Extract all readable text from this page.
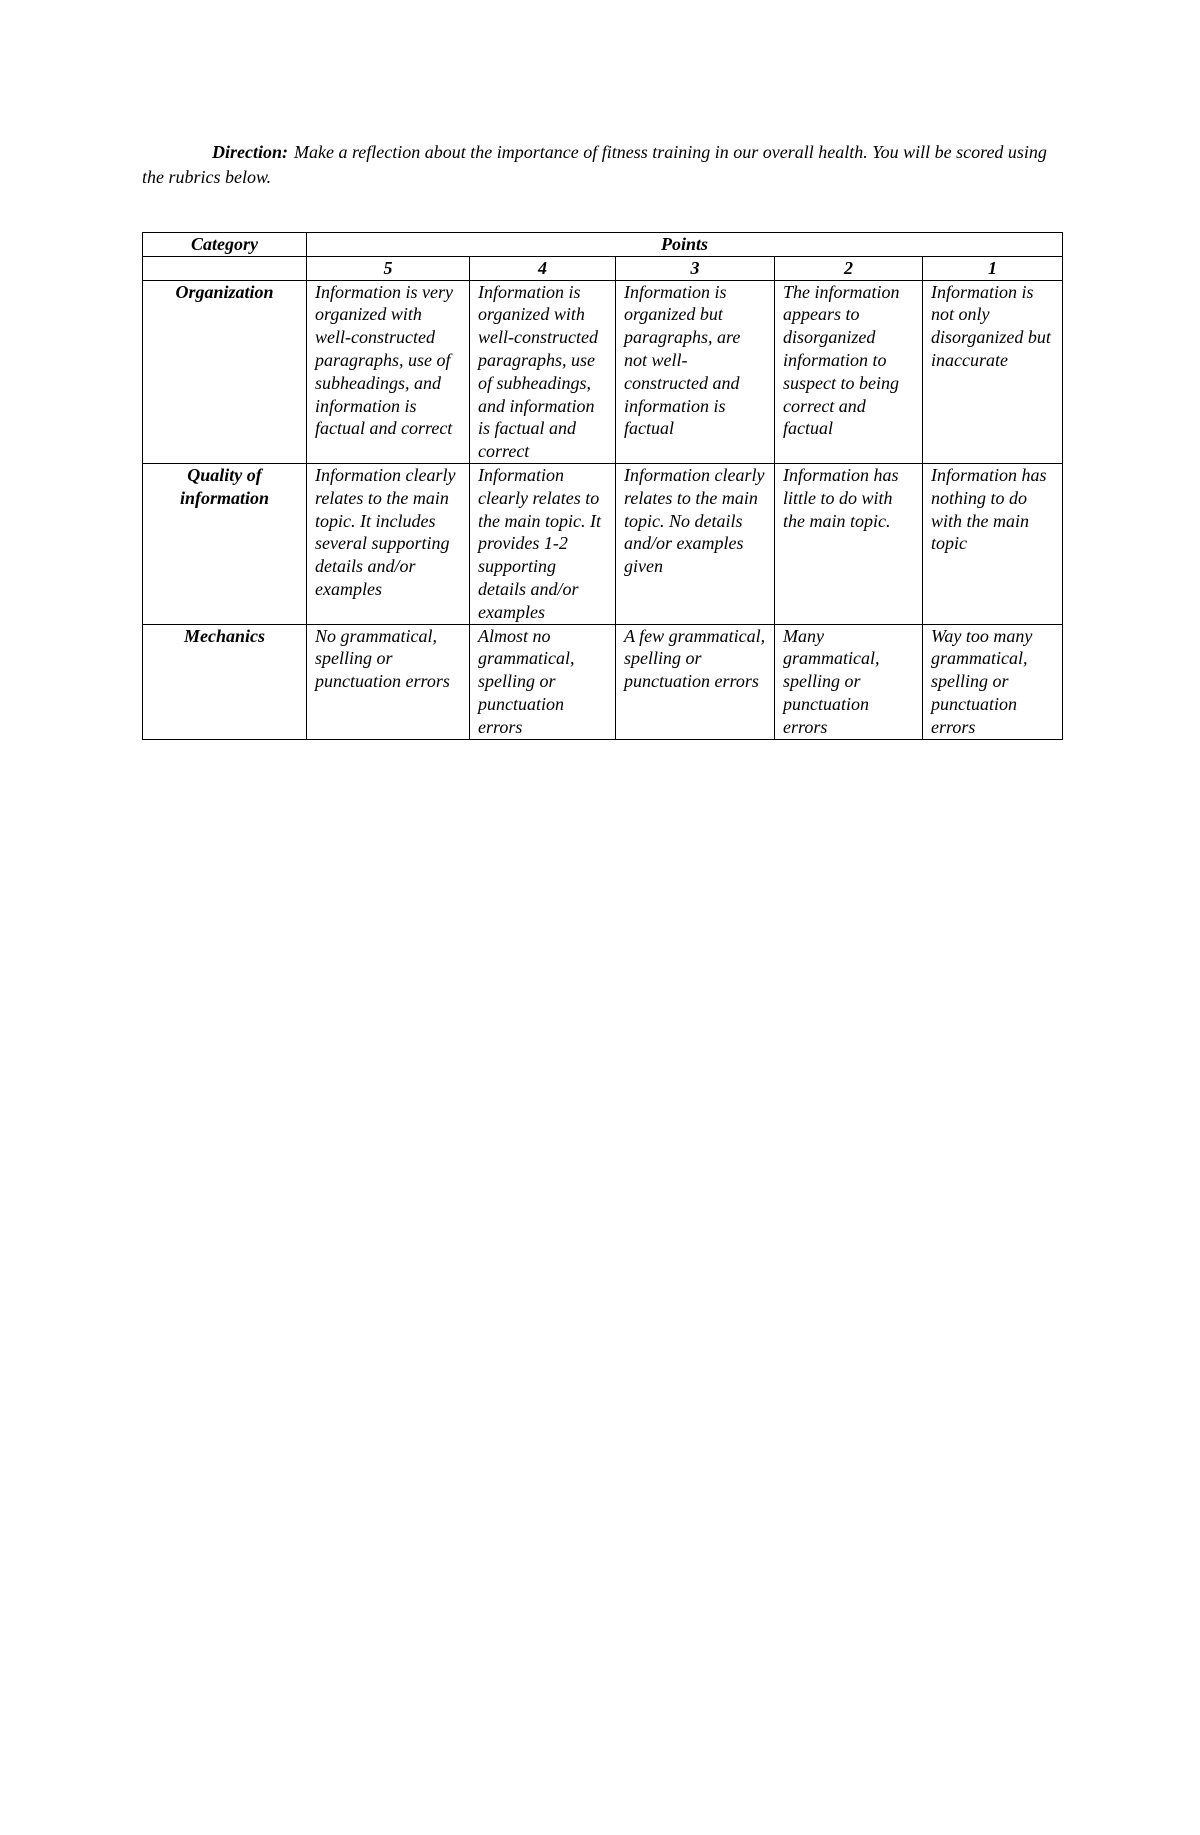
Direction: Make a reflection about the importance of fitness training in our overall health. You will be scored using the rubrics below.
Category	Points				
	5	4	3	2	1
Organization	Information is very organized with well-constructed paragraphs, use of subheadings, and information is factual and correct	Information is organized with well-constructed paragraphs, use of subheadings, and information is factual and correct	Information is organized but paragraphs, are not well-constructed and information is factual	The information appears to disorganized information to suspect to being correct and factual	Information is not only disorganized but inaccurate
Quality of information	Information clearly relates to the main topic. It includes several supporting details and/or examples	Information clearly relates to the main topic. It provides 1-2 supporting details and/or examples	Information clearly relates to the main topic. No details and/or examples given	Information has little to do with the main topic.	Information has nothing to do with the main topic
Mechanics	No grammatical, spelling or punctuation errors	Almost no grammatical, spelling or punctuation errors	A few grammatical, spelling or punctuation errors	Many grammatical, spelling or punctuation errors	Way too many grammatical, spelling or punctuation errors
